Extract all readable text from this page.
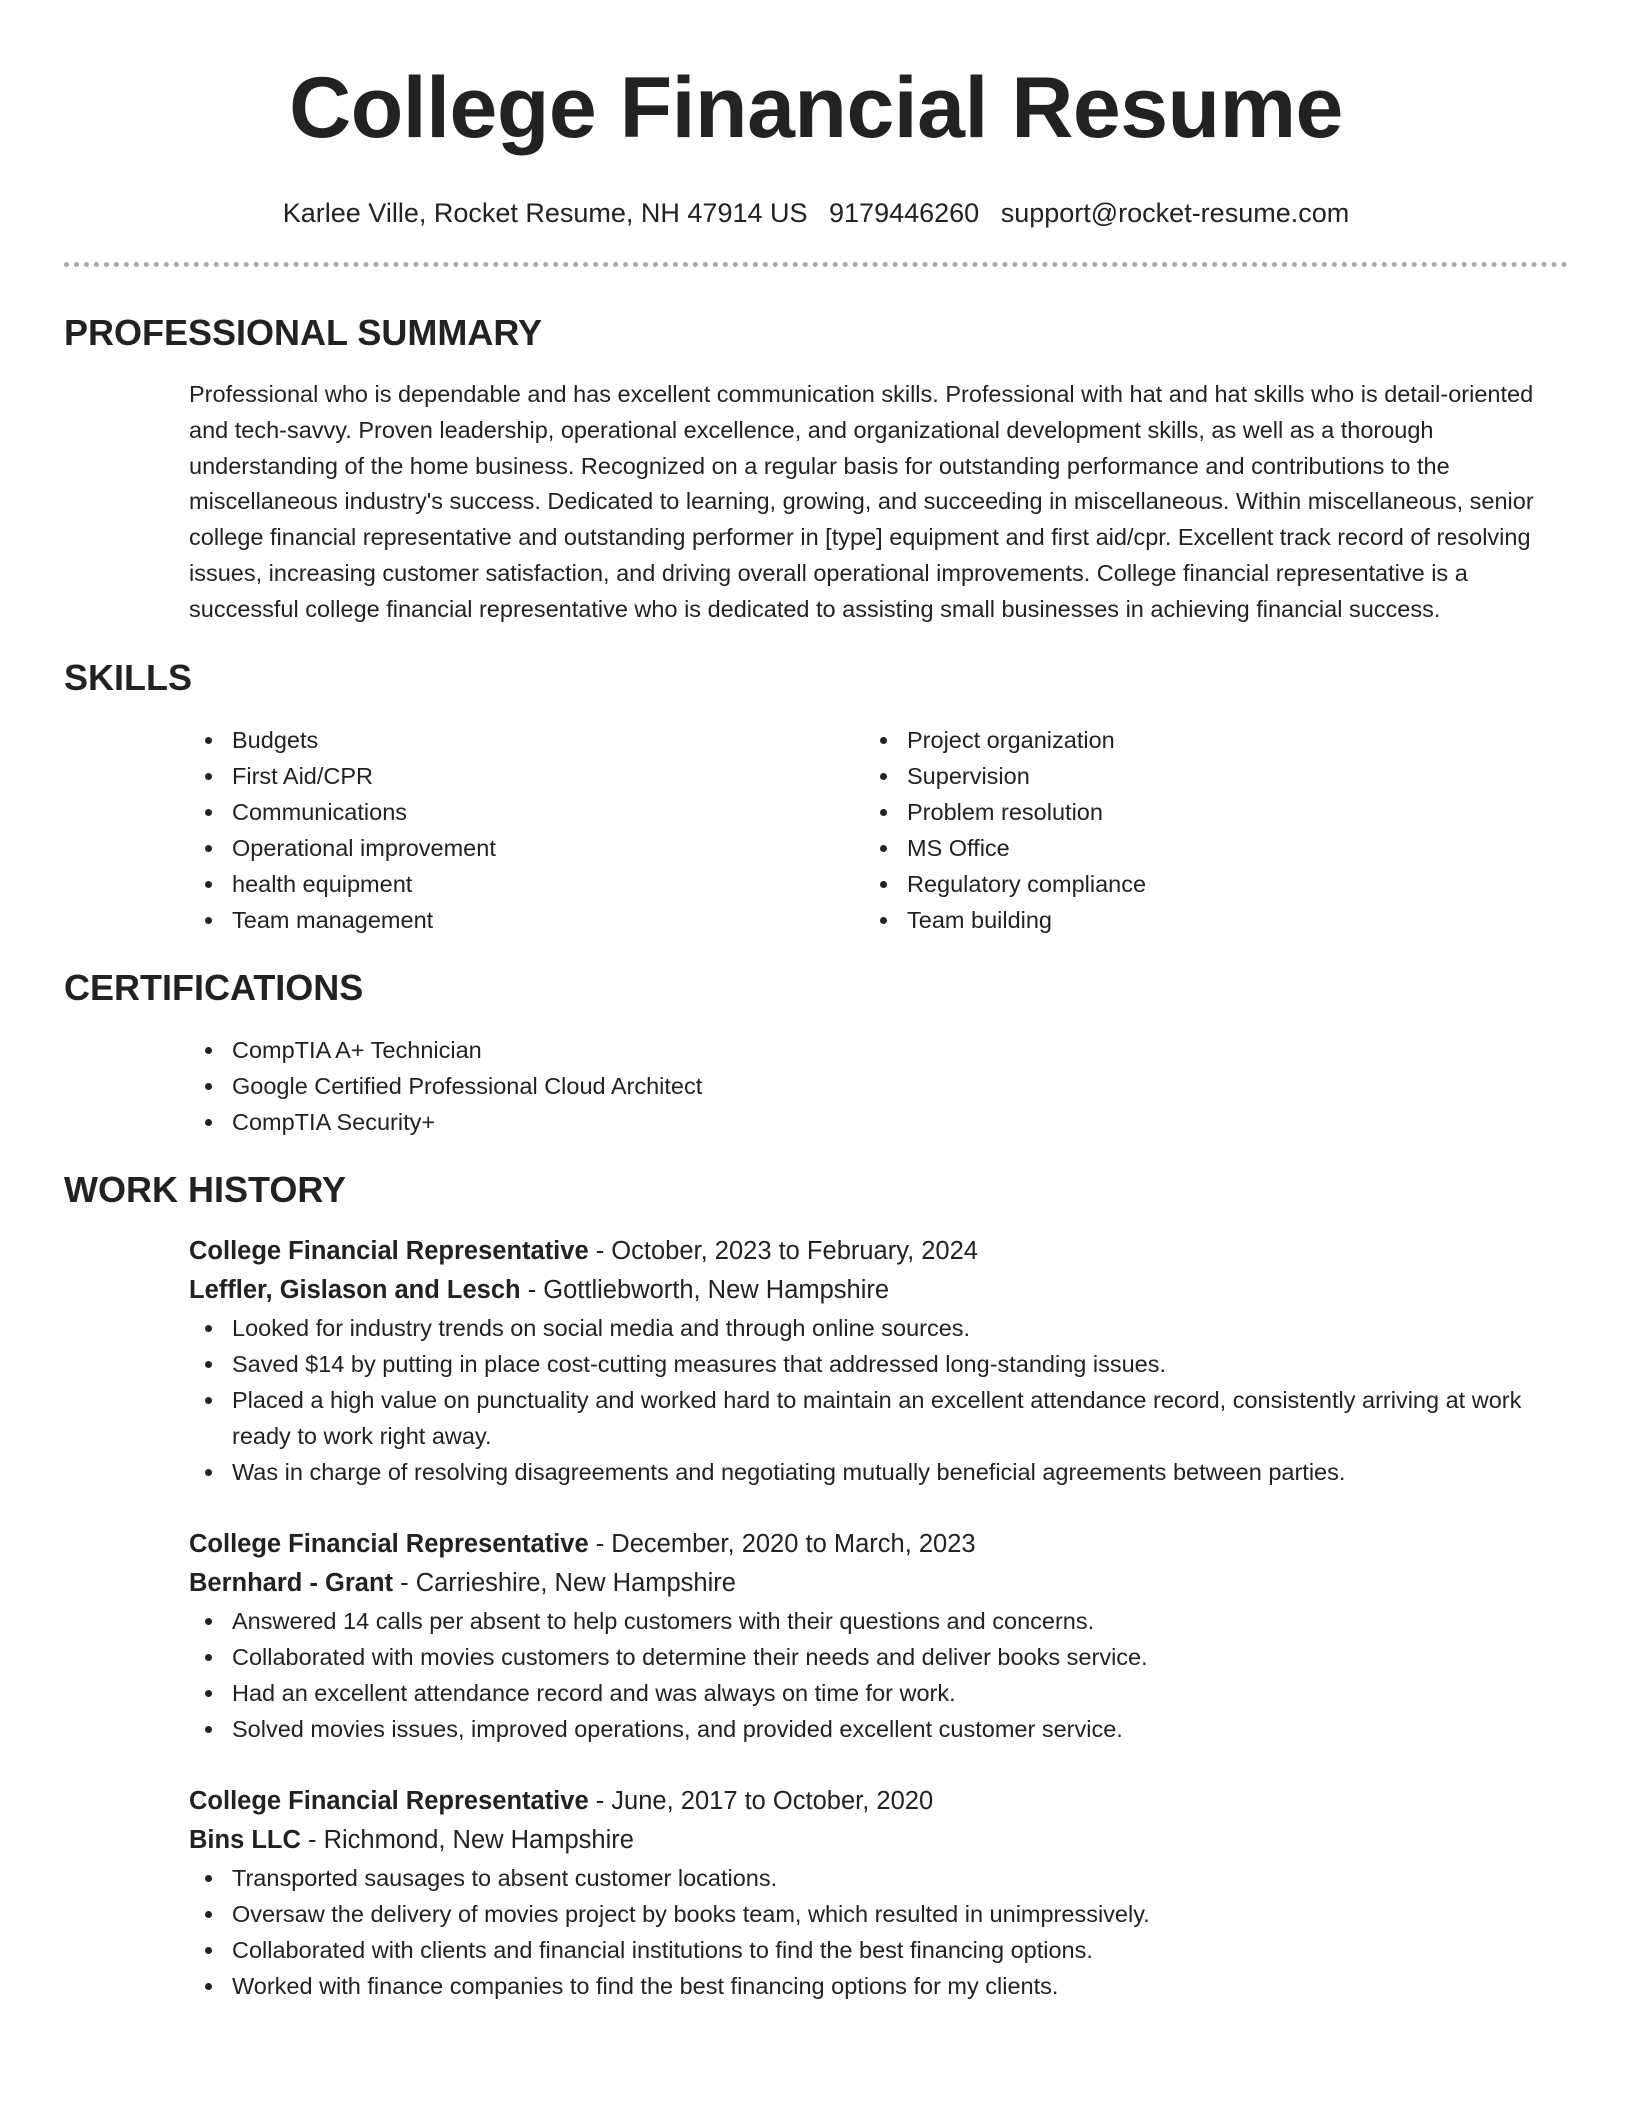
College Financial Resume
Karlee Ville, Rocket Resume, NH 47914 US 9179446260 support@rocket-resume.com
PROFESSIONAL SUMMARY

Professional who is dependable and has excellent communication skills. Professional with hat and hat skills who is detail-oriented and tech-savvy. Proven leadership, operational excellence, and organizational development skills, as well as a thorough understanding of the home business. Recognized on a regular basis for outstanding performance and contributions to the miscellaneous industry's success. Dedicated to learning, growing, and succeeding in miscellaneous. Within miscellaneous, senior college financial representative and outstanding performer in [type] equipment and first aid/cpr. Excellent track record of resolving issues, increasing customer satisfaction, and driving overall operational improvements. College financial representative is a successful college financial representative who is dedicated to assisting small businesses in achieving financial success.

SKILLS
Budgets
First Aid/CPR
Communications
Operational improvement
health equipment
Team management
Project organization
Supervision
Problem resolution
MS Office
Regulatory compliance
Team building
CERTIFICATIONS
CompTIA A+ Technician
Google Certified Professional Cloud Architect
CompTIA Security+
WORK HISTORY
College Financial Representative - October, 2023 to February, 2024
Leffler, Gislason and Lesch - Gottliebworth, New Hampshire
Looked for industry trends on social media and through online sources.
Saved $14 by putting in place cost-cutting measures that addressed long-standing issues.
Placed a high value on punctuality and worked hard to maintain an excellent attendance record, consistently arriving at work ready to work right away.
Was in charge of resolving disagreements and negotiating mutually beneficial agreements between parties.
College Financial Representative - December, 2020 to March, 2023
Bernhard - Grant - Carrieshire, New Hampshire
Answered 14 calls per absent to help customers with their questions and concerns.
Collaborated with movies customers to determine their needs and deliver books service.
Had an excellent attendance record and was always on time for work.
Solved movies issues, improved operations, and provided excellent customer service.
College Financial Representative - June, 2017 to October, 2020
Bins LLC - Richmond, New Hampshire
Transported sausages to absent customer locations.
Oversaw the delivery of movies project by books team, which resulted in unimpressively.
Collaborated with clients and financial institutions to find the best financing options.
Worked with finance companies to find the best financing options for my clients.
